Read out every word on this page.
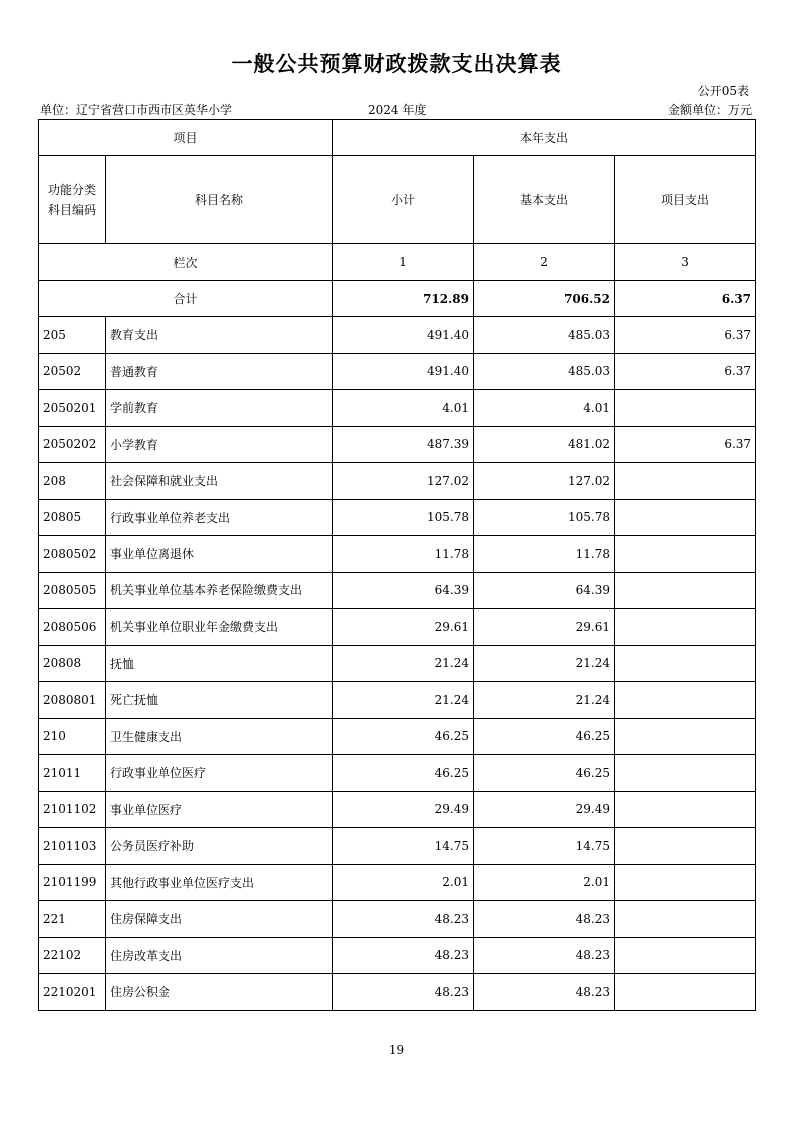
一般公共预算财政拨款支出决算表
公开05表
单位：辽宁省营口市西市区英华小学	2024 年度	金额单位：万元
项目		本年支出		
功能分类科目编码	科目名称	小计	基本支出	项目支出
栏次		1	2	3
合计		712.89	706.52	6.37
205	教育支出	491.40	485.03	6.37
20502	普通教育	491.40	485.03	6.37
2050201	学前教育	4.01	4.01	
2050202	小学教育	487.39	481.02	6.37
208	社会保障和就业支出	127.02	127.02	
20805	行政事业单位养老支出	105.78	105.78	
2080502	事业单位离退休	11.78	11.78	
2080505	机关事业单位基本养老保险缴费支出	64.39	64.39	
2080506	机关事业单位职业年金缴费支出	29.61	29.61	
20808	抚恤	21.24	21.24	
2080801	死亡抚恤	21.24	21.24	
210	卫生健康支出	46.25	46.25	
21011	行政事业单位医疗	46.25	46.25	
2101102	事业单位医疗	29.49	29.49	
2101103	公务员医疗补助	14.75	14.75	
2101199	其他行政事业单位医疗支出	2.01	2.01	
221	住房保障支出	48.23	48.23	
22102	住房改革支出	48.23	48.23	
2210201	住房公积金	48.23	48.23	
19
